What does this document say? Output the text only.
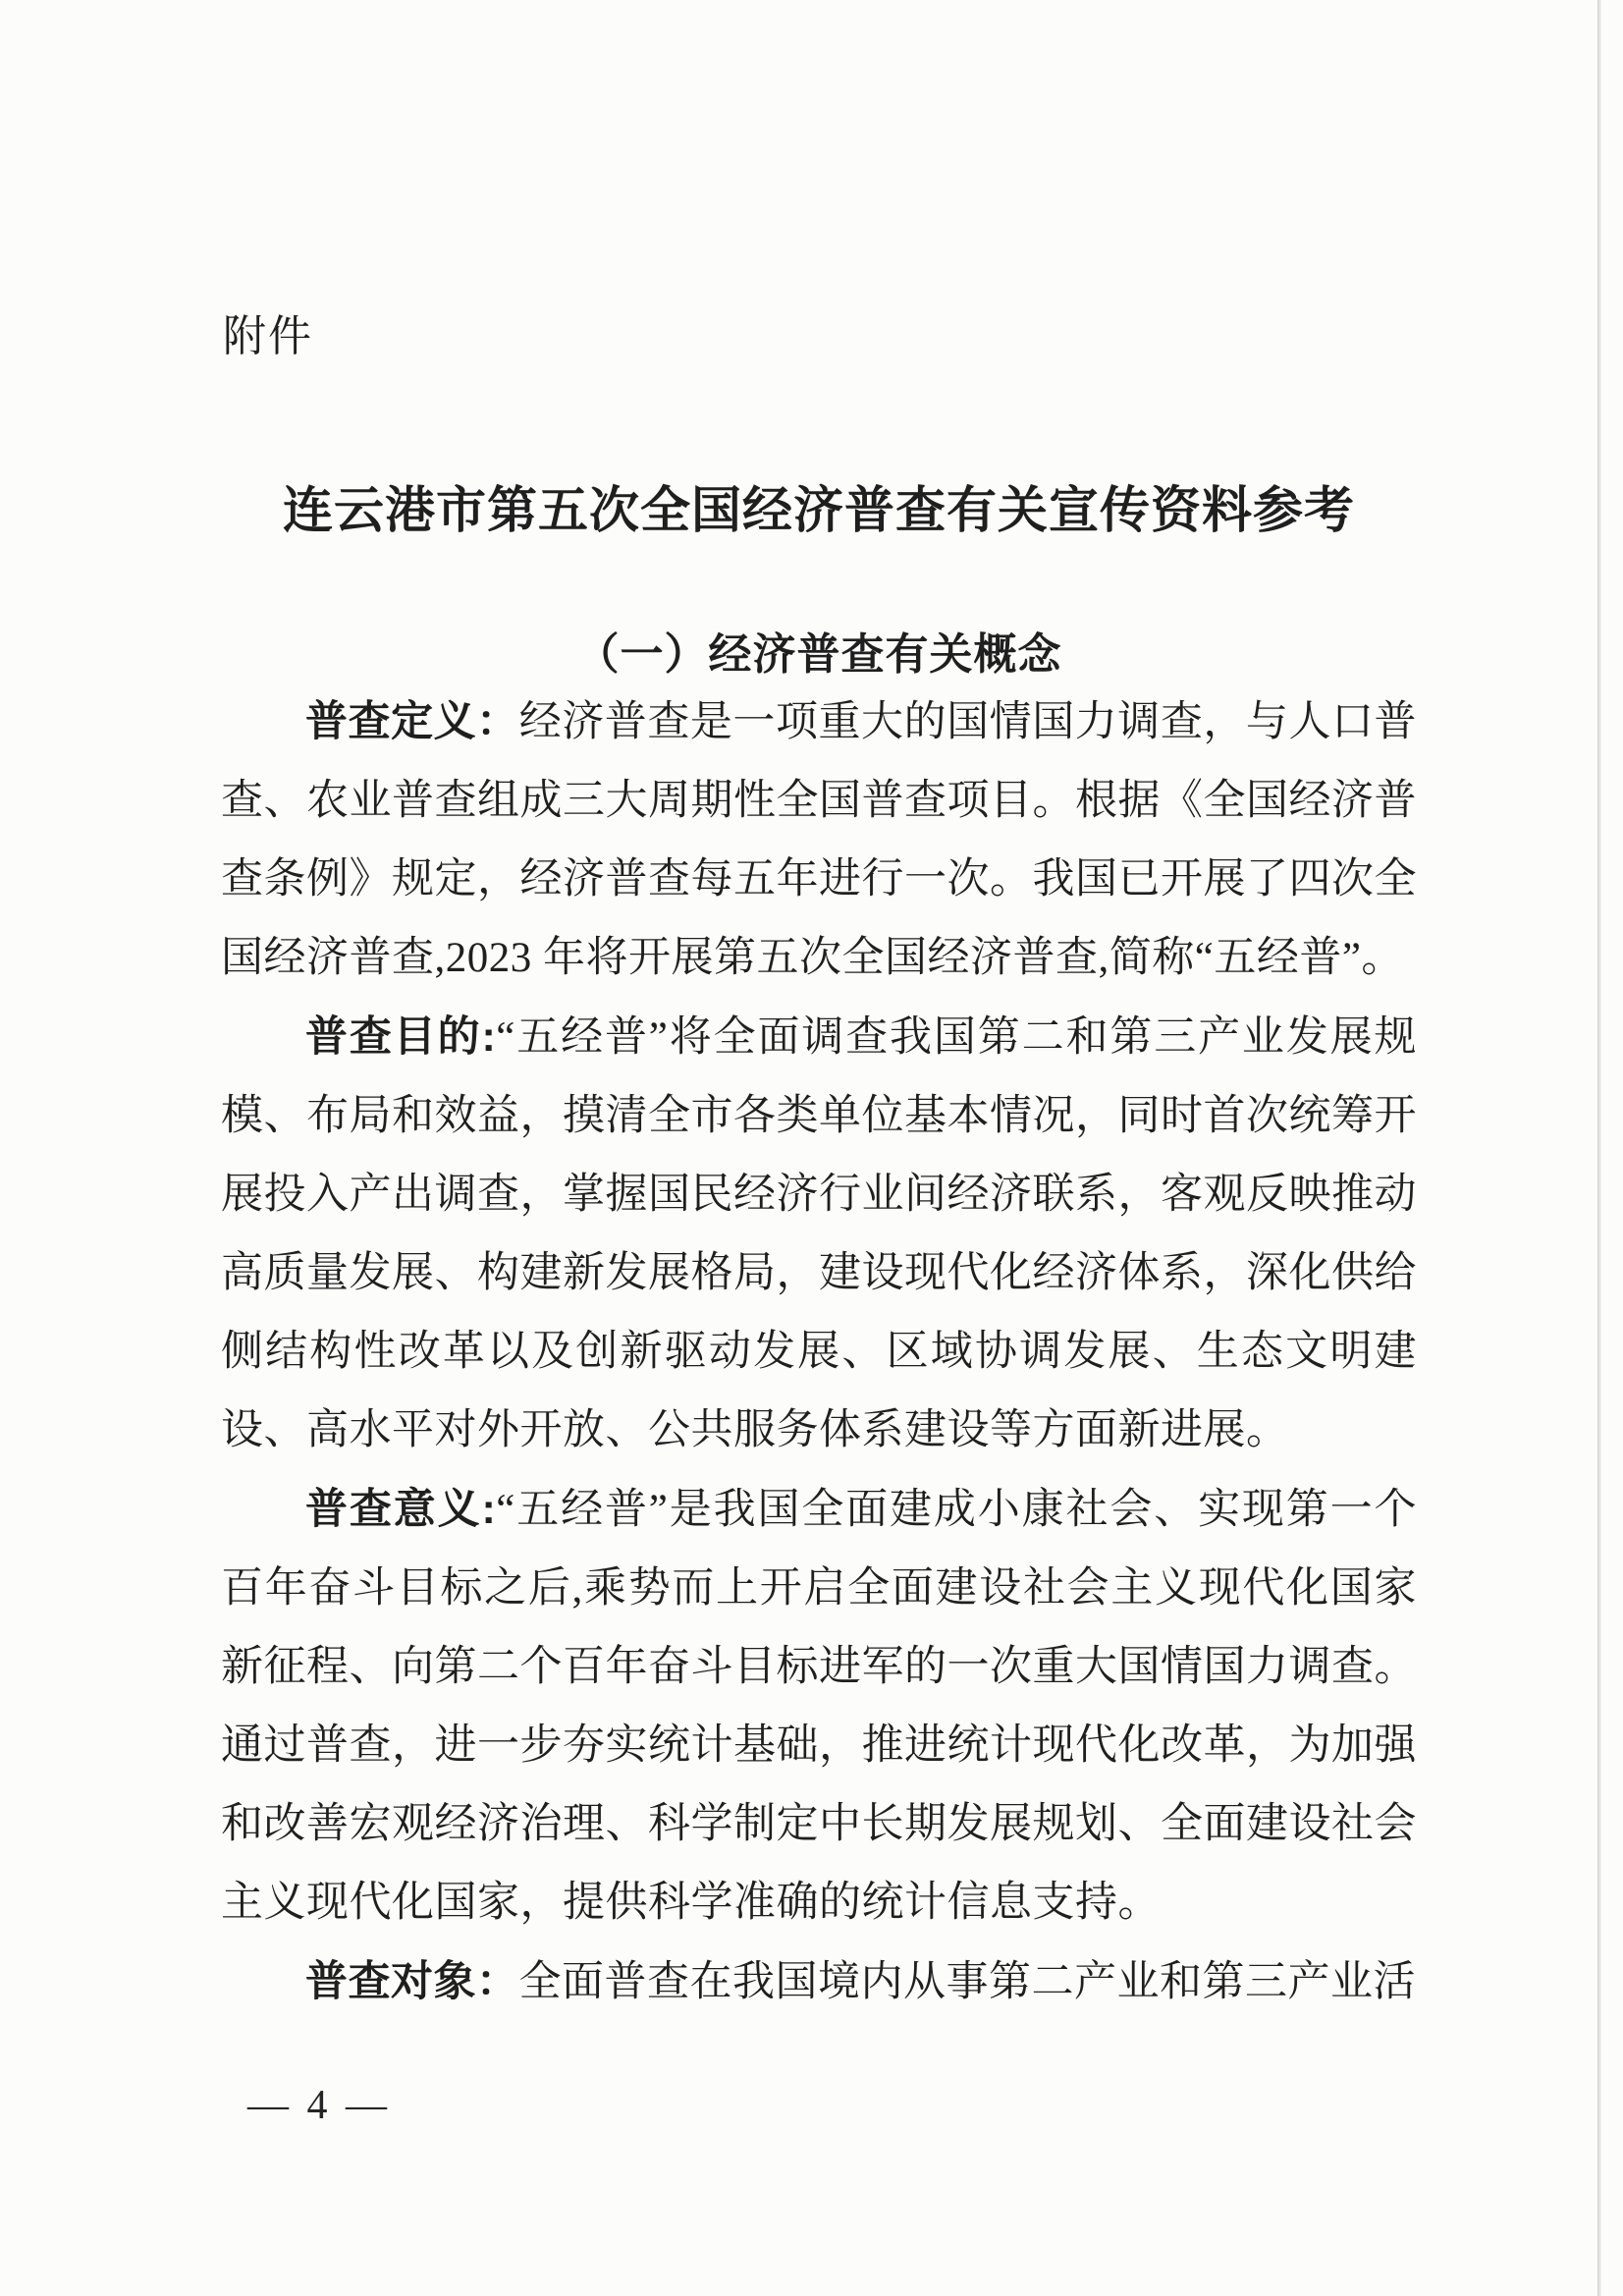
附件
连云港市第五次全国经济普查有关宣传资料参考
（一）经济普查有关概念

普查定义：经济普查是一项重大的国情国力调查，与人口普查、农业普查组成三大周期性全国普查项目。根据《全国经济普查条例》规定，经济普查每五年进行一次。我国已开展了四次全国经济普查,2023 年将开展第五次全国经济普查,简称“五经普”。

普查目的:“五经普”将全面调查我国第二和第三产业发展规模、布局和效益，摸清全市各类单位基本情况，同时首次统筹开展投入产出调查，掌握国民经济行业间经济联系，客观反映推动高质量发展、构建新发展格局，建设现代化经济体系，深化供给侧结构性改革以及创新驱动发展、区域协调发展、生态文明建设、高水平对外开放、公共服务体系建设等方面新进展。

普查意义:“五经普”是我国全面建成小康社会、实现第一个百年奋斗目标之后,乘势而上开启全面建设社会主义现代化国家新征程、向第二个百年奋斗目标进军的一次重大国情国力调查。通过普查，进一步夯实统计基础，推进统计现代化改革，为加强和改善宏观经济治理、科学制定中长期发展规划、全面建设社会主义现代化国家，提供科学准确的统计信息支持。

普查对象：全面普查在我国境内从事第二产业和第三产业活

— 4 —
